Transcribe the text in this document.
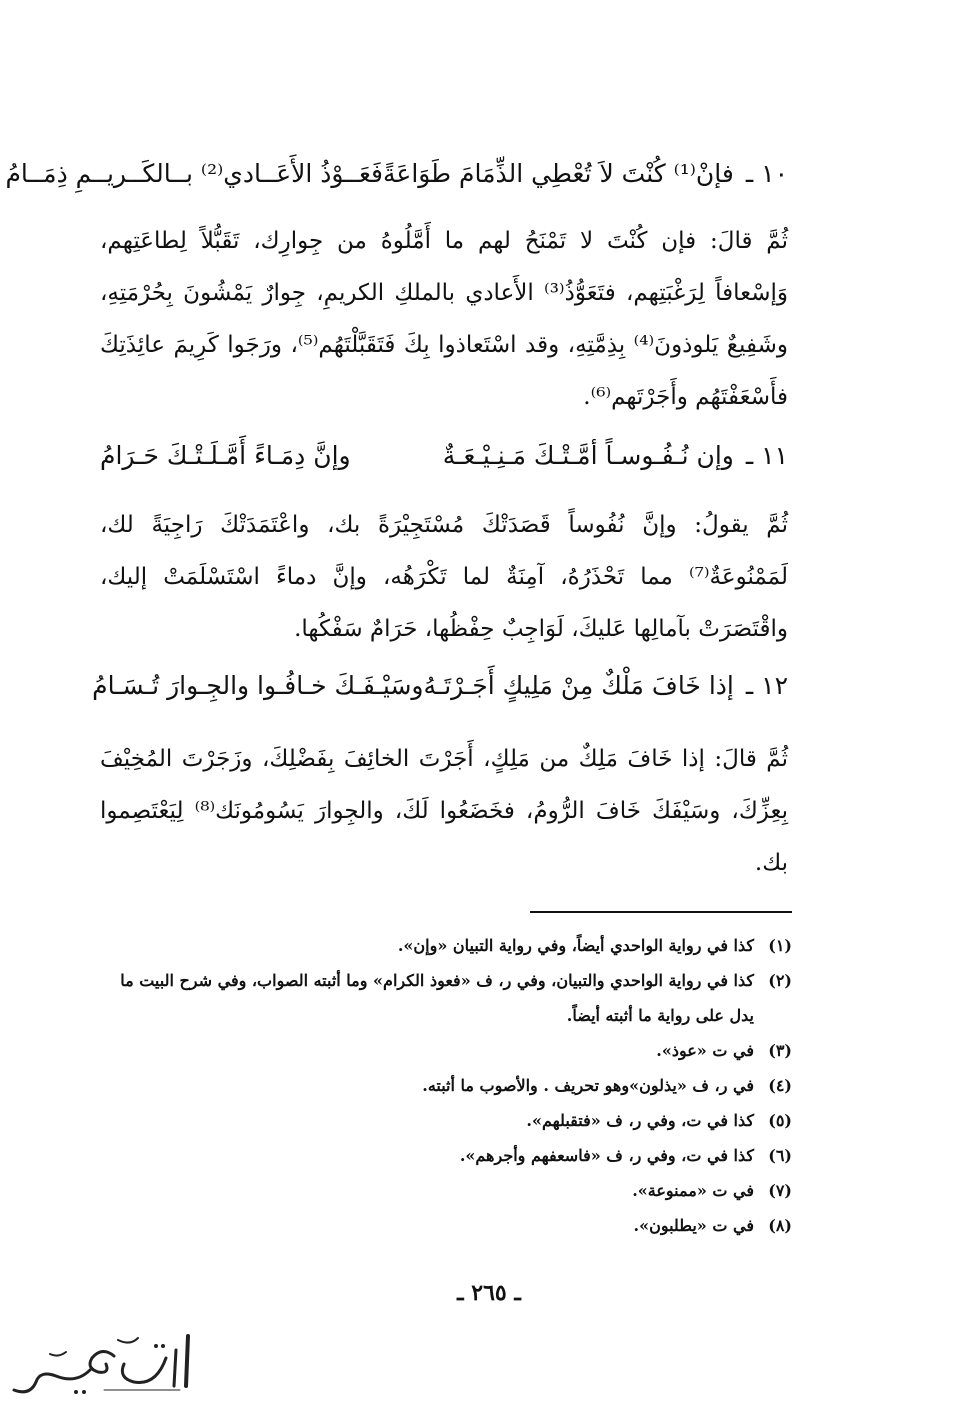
١٠ ـ
فإنْ⁽¹⁾ كُنْتَ لاَ تُعْطِي الذِّمَامَ طَوَاعَةً
فَعَــوْذُ الأَعَــادي⁽²⁾ بــالكَــريــمِ ذِمَــامُ

ثُمَّ قالَ: فإن كُنْتَ لا تَمْنَحُ لهم ما أَمَّلُوهُ من جِوارِك، تَقَبُّلاً لِطاعَتِهم، وَإسْعافاً لِرَغْبَتِهم، فتَعَوُّذُ⁽³⁾ الأَعادي بالملكِ الكريمِ، جِوارٌ يَمْشُونَ بِحُرْمَتِهِ، وشَفِيعٌ يَلوذونَ⁽⁴⁾ بِذِمَّتِهِ، وقد اسْتَعاذوا بِكَ فَتَقَبَّلْتَهُم⁽⁵⁾، ورَجَوا كَرِيمَ عائِذَتِكَ فأَسْعَفْتَهُم وأَجَرْتَهم⁽⁶⁾.

١١ ـ
وإن نُـفُـوسـاً أمَّـتْـكَ مَـنِـيْـعَـةٌ
وإنَّ دِمَـاءً أَمَّـلَـتْـكَ حَـرَامُ

ثُمَّ يقولُ: وإنَّ نُفُوساً قَصَدَتْكَ مُسْتَجِيْرَةً بك، واعْتَمَدَتْكَ رَاجِيَةً لك، لَمَمْنُوعَةٌ⁽⁷⁾ مما تَحْذَرُهُ، آمِنَةٌ لما تَكْرَهُه، وإنَّ دماءً اسْتَسْلَمَتْ إليك، واقْتَصَرَتْ بآمالِها عَليكَ، لَوَاجِبٌ حِفْظُها، حَرَامٌ سَفْكُها.

١٢ ـ
إذا خَافَ مَلْكٌ مِنْ مَلِيكٍ أَجَـرْتَـهُ
وسَيْـفَـكَ خـافُـوا والجِـوارَ تُـسَـامُ

ثُمَّ قالَ: إذا خَافَ مَلِكٌ من مَلِكٍ، أَجَرْتَ الخائِفَ بِفَضْلِكَ، وزَجَرْتَ المُخِيْفَ بِعِزِّكَ، وسَيْفَكَ خَافَ الرُّومُ، فخَضَعُوا لَكَ، والجِوارَ يَسُومُونَك⁽⁸⁾ لِيَعْتَصِموا بك.

(١)
كذا في رواية الواحدي أيضاً، وفي رواية التبيان «وإن».
(٢)
كذا في رواية الواحدي والتبيان، وفي ر، ف «فعوذ الكرام» وما أثبته الصواب، وفي شرح البيت ما يدل على رواية ما أثبته أيضاً.
(٣)
في ت «عوذ».
(٤)
في ر، ف «يذلون»وهو تحريف . والأصوب ما أثبته.
(٥)
كذا في ت، وفي ر، ف «فتقبلهم».
(٦)
كذا في ت، وفي ر، ف «فاسعفهم وأجرهم».
(٧)
في ت «ممنوعة».
(٨)
في ت «يطلبون».
ـ ٢٦٥ ـ
